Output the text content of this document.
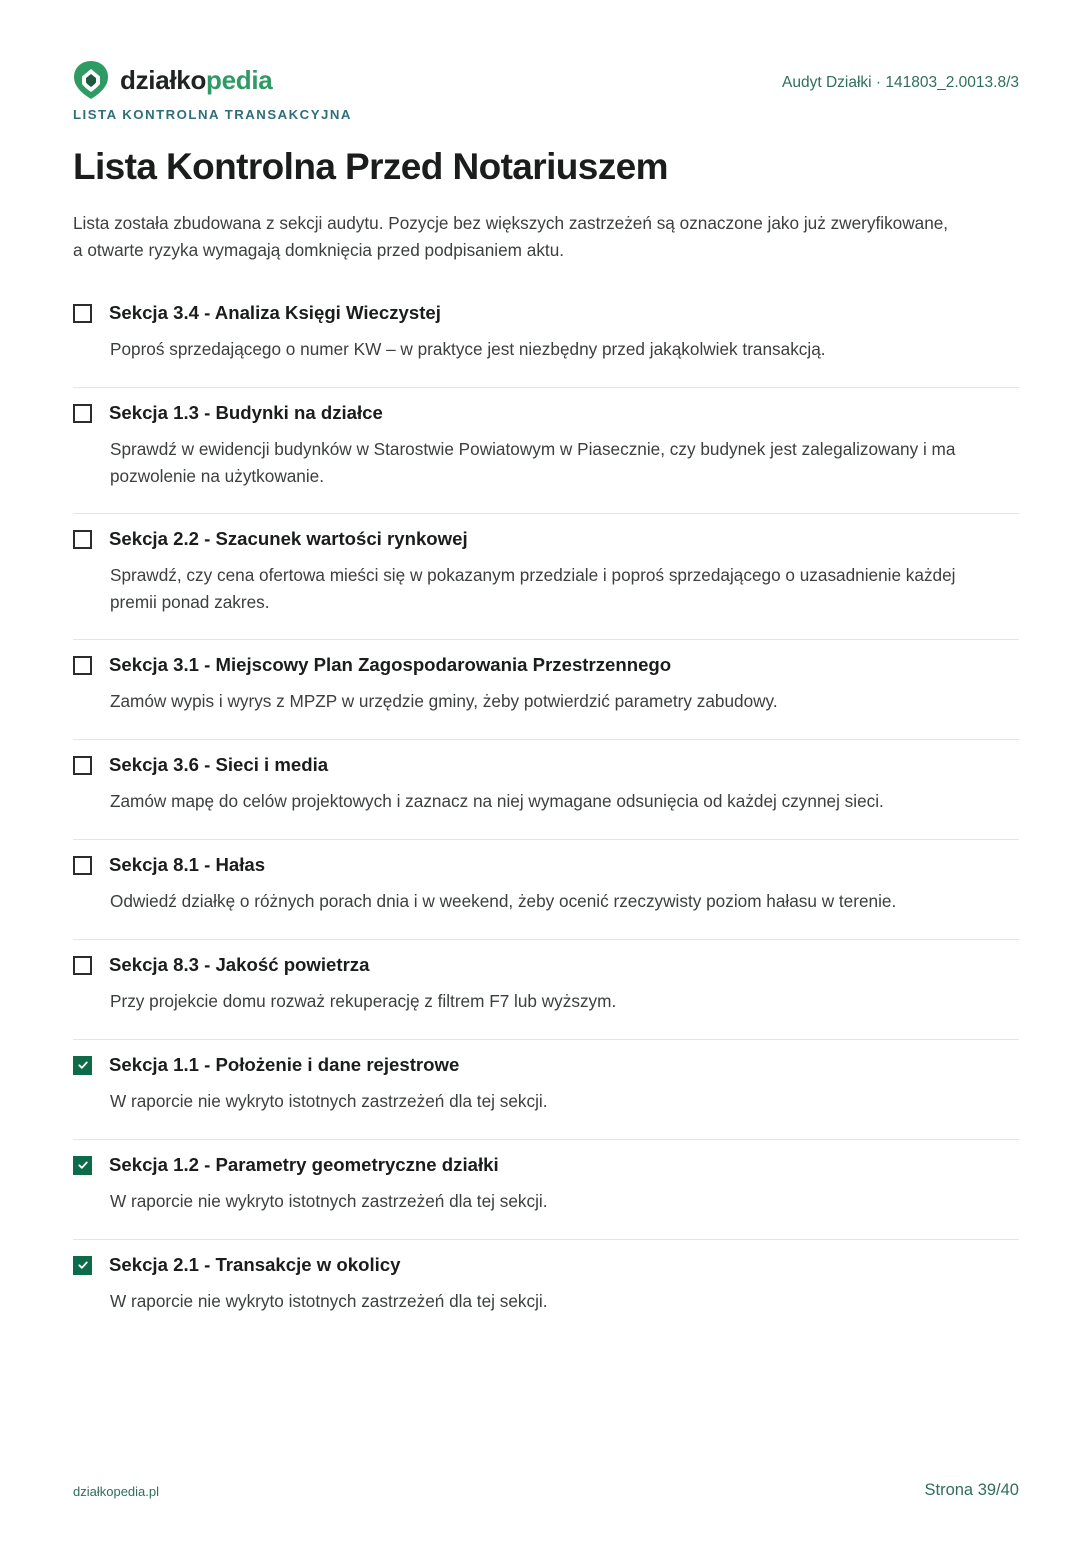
działkopedia	Audyt Działki · 141803_2.0013.8/3
LISTA KONTROLNA TRANSAKCYJNA
Lista Kontrolna Przed Notariuszem

Lista została zbudowana z sekcji audytu. Pozycje bez większych zastrzeżeń są oznaczone jako już zweryfikowane, a otwarte ryzyka wymagają domknięcia przed podpisaniem aktu.

Sekcja 3.4 - Analiza Księgi Wieczystej

Poproś sprzedającego o numer KW – w praktyce jest niezbędny przed jakąkolwiek transakcją.

Sekcja 1.3 - Budynki na działce

Sprawdź w ewidencji budynków w Starostwie Powiatowym w Piasecznie, czy budynek jest zalegalizowany i ma pozwolenie na użytkowanie.

Sekcja 2.2 - Szacunek wartości rynkowej

Sprawdź, czy cena ofertowa mieści się w pokazanym przedziale i poproś sprzedającego o uzasadnienie każdej premii ponad zakres.

Sekcja 3.1 - Miejscowy Plan Zagospodarowania Przestrzennego

Zamów wypis i wyrys z MPZP w urzędzie gminy, żeby potwierdzić parametry zabudowy.

Sekcja 3.6 - Sieci i media

Zamów mapę do celów projektowych i zaznacz na niej wymagane odsunięcia od każdej czynnej sieci.

Sekcja 8.1 - Hałas

Odwiedź działkę o różnych porach dnia i w weekend, żeby ocenić rzeczywisty poziom hałasu w terenie.

Sekcja 8.3 - Jakość powietrza

Przy projekcie domu rozważ rekuperację z filtrem F7 lub wyższym.

Sekcja 1.1 - Położenie i dane rejestrowe

W raporcie nie wykryto istotnych zastrzeżeń dla tej sekcji.

Sekcja 1.2 - Parametry geometryczne działki

W raporcie nie wykryto istotnych zastrzeżeń dla tej sekcji.

Sekcja 2.1 - Transakcje w okolicy

W raporcie nie wykryto istotnych zastrzeżeń dla tej sekcji.

działkopedia.pl	Strona 39/40
